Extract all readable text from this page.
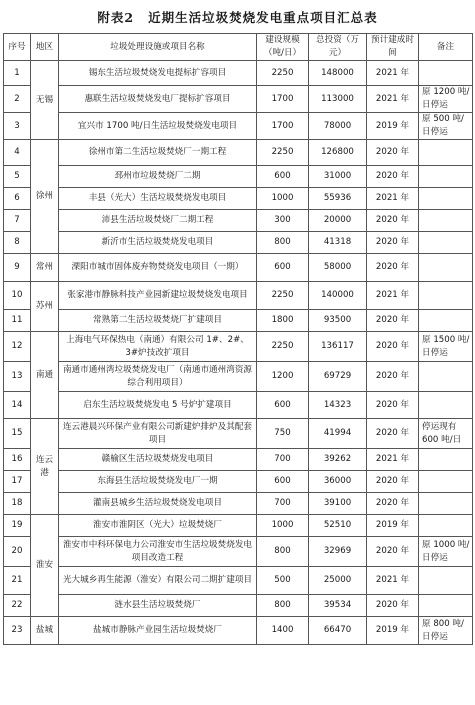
附表2 近期生活垃圾焚烧发电重点项目汇总表
序号	地区	垃圾处理设施或项目名称	建设规模（吨/日）	总投资（万元）	预计建成时间	备注
1	无锡	锡东生活垃圾焚烧发电提标扩容项目	2250	148000	2021 年	
2		惠联生活垃圾焚烧发电厂提标扩容项目	1700	113000	2021 年	原 1200 吨/日停运
3		宜兴市 1700 吨/日生活垃圾焚烧发电项目	1700	78000	2019 年	原 500 吨/日停运
4	徐州	徐州市第二生活垃圾焚烧厂一期工程	2250	126800	2020 年	
5		邳州市垃圾焚烧厂二期	600	31000	2020 年	
6		丰县（光大）生活垃圾焚烧发电项目	1000	55936	2021 年	
7		沛县生活垃圾焚烧厂二期工程	300	20000	2020 年	
8		新沂市生活垃圾焚烧发电项目	800	41318	2020 年	
9	常州	溧阳市城市固体废弃物焚烧发电项目（一期）	600	58000	2020 年	
10	苏州	张家港市静脉科技产业园新建垃圾焚烧发电项目	2250	140000	2021 年	
11		常熟第二生活垃圾焚烧厂扩建项目	1800	93500	2020 年	
12	南通	上海电气环保热电（南通）有限公司 1#、2#、3#炉技改扩项目	2250	136117	2020 年	原 1500 吨/日停运
13		南通市通州湾垃圾焚烧发电厂（南通市通州湾资源综合利用项目）	1200	69729	2020 年	
14		启东生活垃圾焚烧发电 5 号炉扩建项目	600	14323	2020 年	
15	连云港	连云港晨兴环保产业有限公司新建炉排炉及其配套项目	750	41994	2020 年	停运现有 600 吨/日
16		赣榆区生活垃圾焚烧发电项目	700	39262	2021 年	
17		东海县生活垃圾焚烧发电厂一期	600	36000	2020 年	
18		灌南县城乡生活垃圾焚烧发电项目	700	39100	2020 年	
19	淮安	淮安市淮阴区（光大）垃圾焚烧厂	1000	52510	2019 年	
20		淮安市中科环保电力公司淮安市生活垃圾焚烧发电项目改造工程	800	32969	2020 年	原 1000 吨/日停运
21		光大城乡再生能源（淮安）有限公司二期扩建项目	500	25000	2021 年	
22		涟水县生活垃圾焚烧厂	800	39534	2020 年	
23	盐城	盐城市静脉产业园生活垃圾焚烧厂	1400	66470	2019 年	原 800 吨/日停运
